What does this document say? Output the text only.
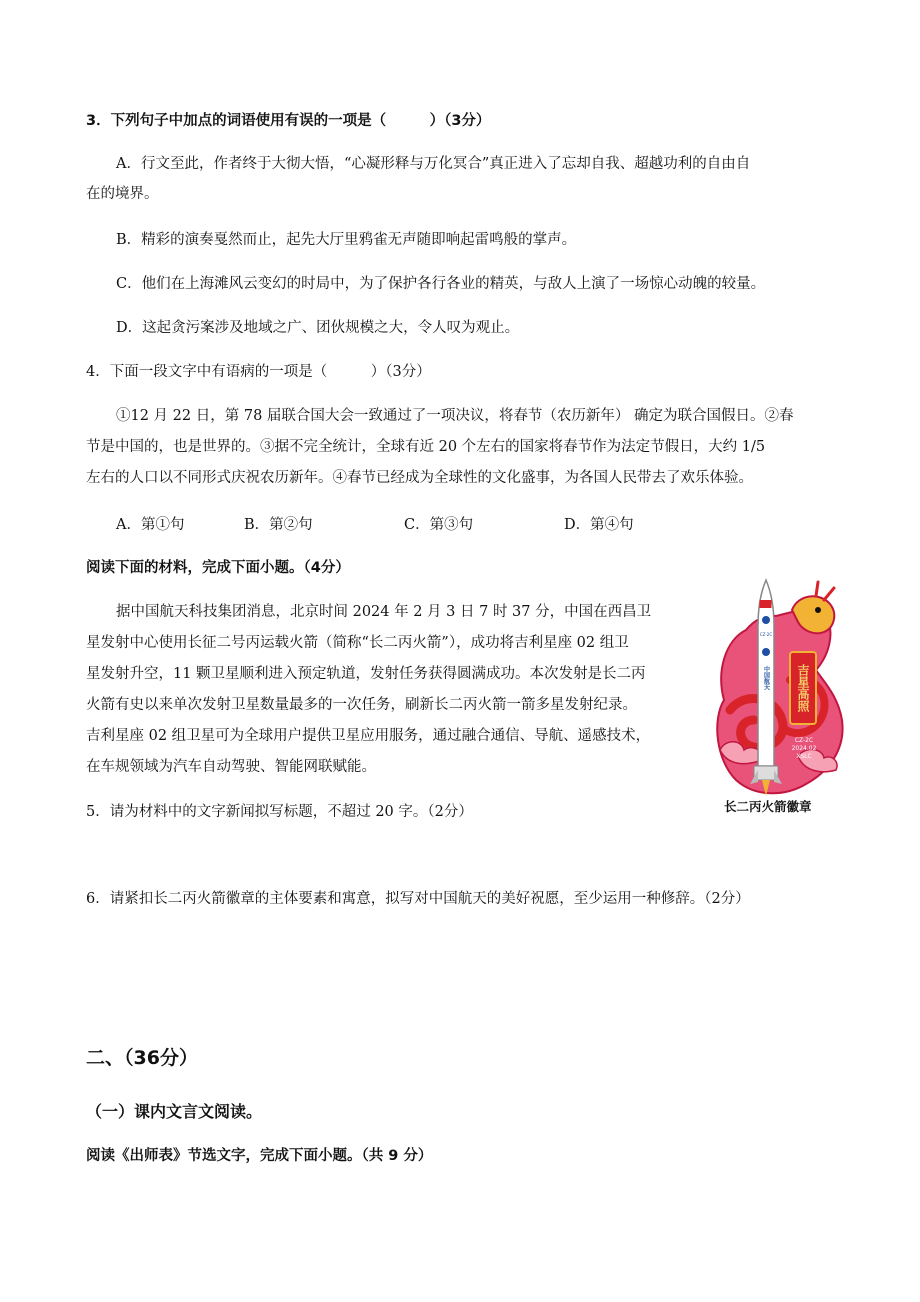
3．下列句子中加点的词语使用有误的一项是（　　　）（3分）
A．行文至此，作者终于大彻大悟，“心凝形释与万化冥合”真正进入了忘却自我、超越功利的自由自
在的境界。
B．精彩的演奏戛然而止，起先大厅里鸦雀无声随即响起雷鸣般的掌声。
C．他们在上海滩风云变幻的时局中，为了保护各行各业的精英，与敌人上演了一场惊心动魄的较量。
D．这起贪污案涉及地域之广、团伙规模之大，令人叹为观止。
4．下面一段文字中有语病的一项是（　　　）（3分）
①12 月 22 日，第 78 届联合国大会一致通过了一项决议，将春节（农历新年） 确定为联合国假日。②春
节是中国的，也是世界的。③据不完全统计，全球有近 20 个左右的国家将春节作为法定节假日，大约 1/5
左右的人口以不同形式庆祝农历新年。④春节已经成为全球性的文化盛事，为各国人民带去了欢乐体验。
A．第①句	B．第②句	C．第③句	D．第④句
阅读下面的材料，完成下面小题。（4分）
据中国航天科技集团消息，北京时间 2024 年 2 月 3 日 7 时 37 分，中国在西昌卫
星发射中心使用长征二号丙运载火箭（简称“长二丙火箭”），成功将吉利星座 02 组卫
星发射升空，11 颗卫星顺利进入预定轨道，发射任务获得圆满成功。本次发射是长二丙
火箭有史以来单次发射卫星数量最多的一次任务，刷新长二丙火箭一箭多星发射纪录。
吉利星座 02 组卫星可为全球用户提供卫星应用服务，通过融合通信、导航、遥感技术，
在车规领域为汽车自动驾驶、智能网联赋能。
CZ-2C
中国航天 吉星高照
CZ-2C
2024.02
XSLC
长二丙火箭徽章
5．请为材料中的文字新闻拟写标题，不超过 20 字。（2分）
6．请紧扣长二丙火箭徽章的主体要素和寓意，拟写对中国航天的美好祝愿，至少运用一种修辞。（2分）
二、（36分）
（一）课内文言文阅读。
阅读《出师表》节选文字，完成下面小题。（共 9 分）
